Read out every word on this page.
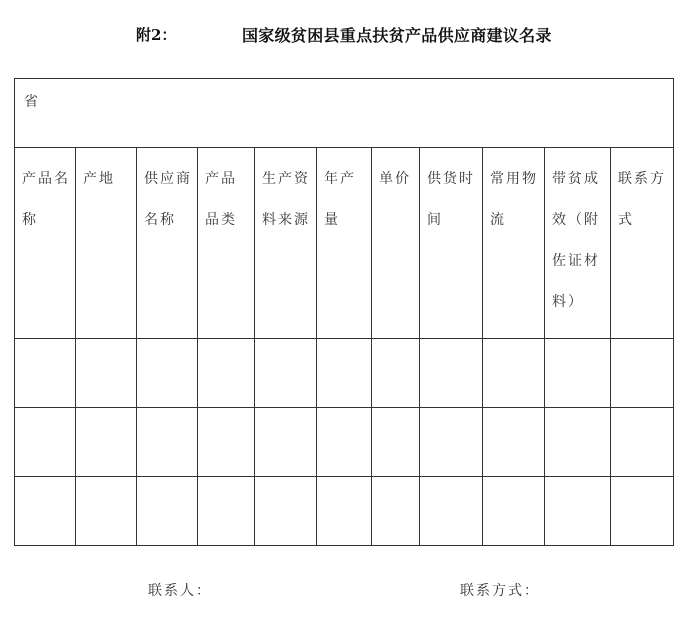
附2：	国家级贫困县重点扶贫产品供应商建议名录
省										

产品名称	产地	供应商名称	产品品类	生产资料来源	年产量	单价	供货时间	常用物流	带贫成效（附佐证材料）	联系方式

联系人：	联系方式：
